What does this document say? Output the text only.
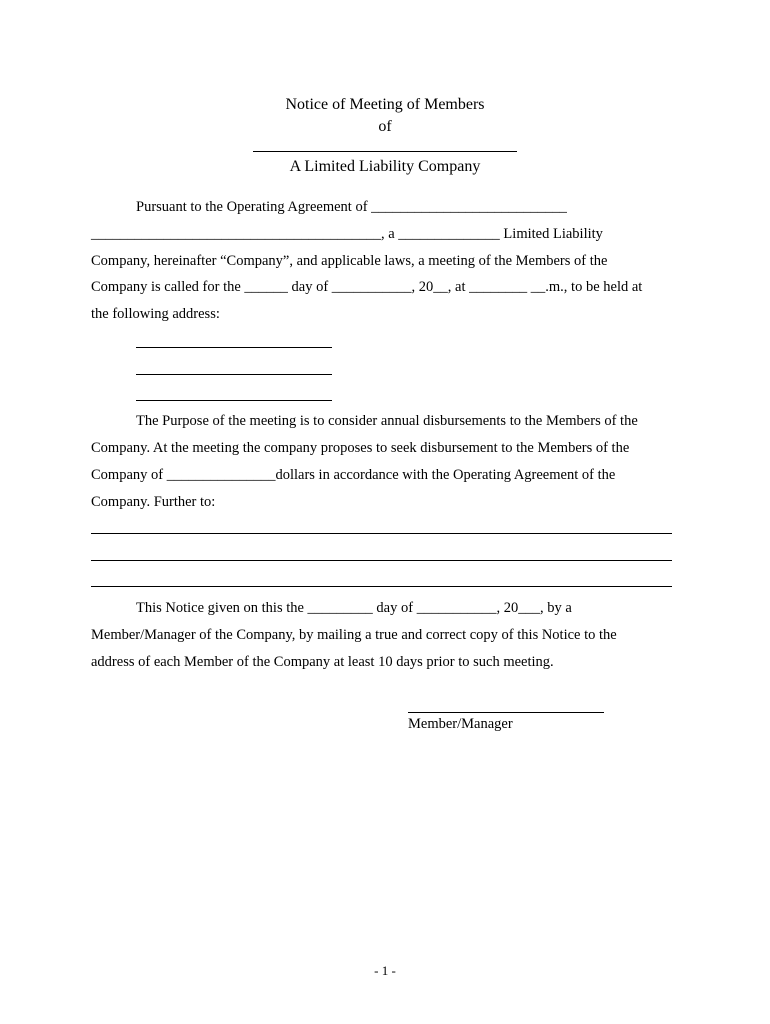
Notice of Meeting of Members
of
A Limited Liability Company
Pursuant to the Operating Agreement of ___________________________
________________________________________, a ______________ Limited Liability
Company, hereinafter “Company”, and applicable laws, a meeting of the Members of the
Company is called for the ______ day of ___________, 20__, at ________ __.m., to be held at
the following address:
The Purpose of the meeting is to consider annual disbursements to the Members of the
Company. At the meeting the company proposes to seek disbursement to the Members of the
Company of _______________dollars in accordance with the Operating Agreement of the
Company. Further to:
This Notice given on this the _________ day of ___________, 20___, by a
Member/Manager of the Company, by mailing a true and correct copy of this Notice to the
address of each Member of the Company at least 10 days prior to such meeting.
Member/Manager
- 1 -
